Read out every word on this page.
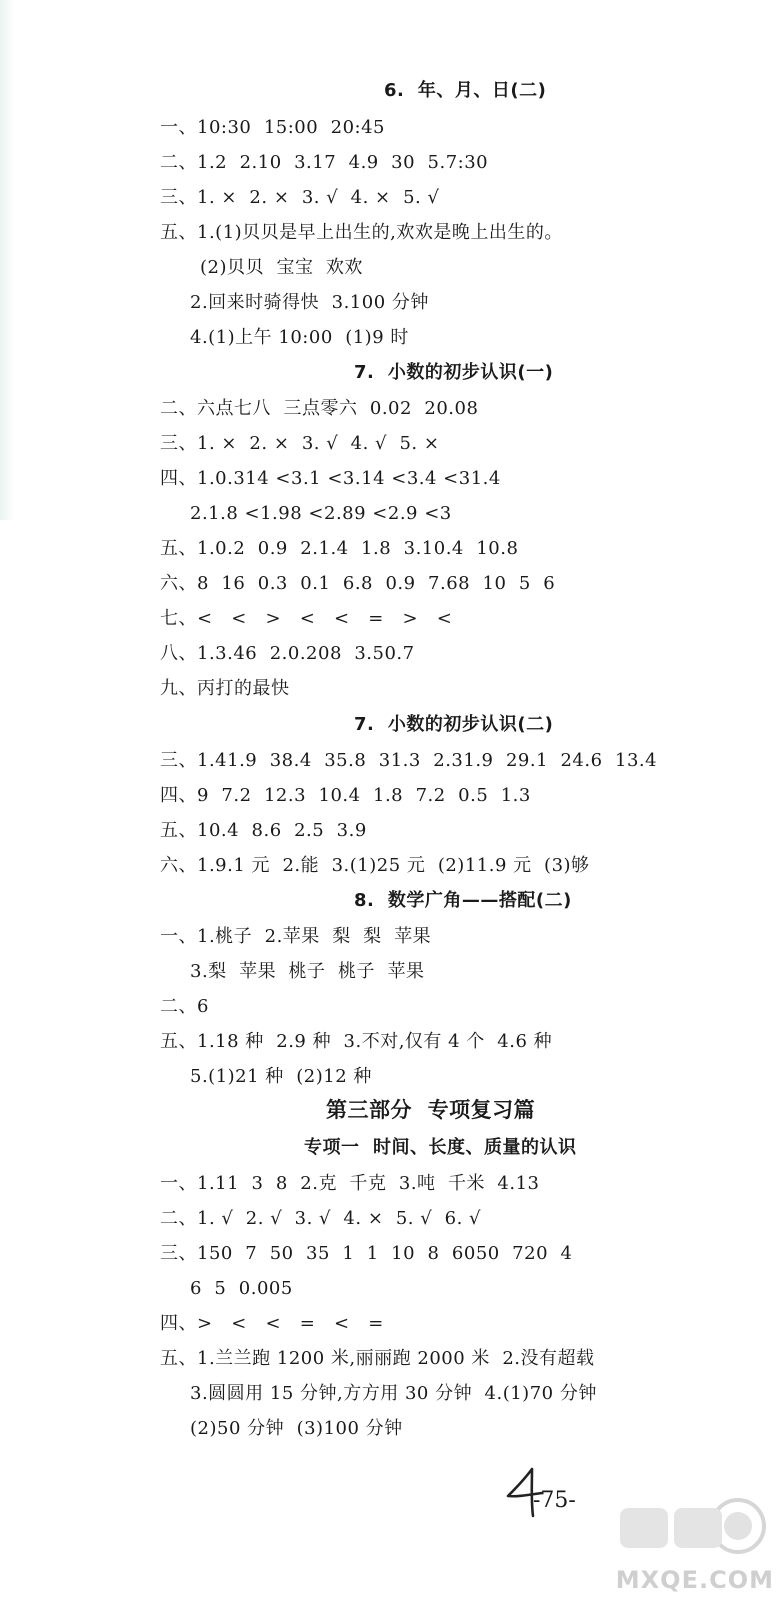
6.  年、月、日(二)
一、10:30  15:00  20:45
二、1.2  2.10  3.17  4.9  30  5.7:30
三、1. ×  2. ×  3. √  4. ×  5. √
五、1.(1)贝贝是早上出生的,欢欢是晚上出生的。
(2)贝贝  宝宝  欢欢
2.回来时骑得快  3.100 分钟
4.(1)上午 10:00  (1)9 时
7.  小数的初步认识(一)
二、六点七八  三点零六  0.02  20.08
三、1. ×  2. ×  3. √  4. √  5. ×
四、1.0.314 <3.1 <3.14 <3.4 <31.4
2.1.8 <1.98 <2.89 <2.9 <3
五、1.0.2  0.9  2.1.4  1.8  3.10.4  10.8
六、8  16  0.3  0.1  6.8  0.9  7.68  10  5  6
七、<   <   >   <   <   =   >   <
八、1.3.46  2.0.208  3.50.7
九、丙打的最快
7.  小数的初步认识(二)
三、1.41.9  38.4  35.8  31.3  2.31.9  29.1  24.6  13.4
四、9  7.2  12.3  10.4  1.8  7.2  0.5  1.3
五、10.4  8.6  2.5  3.9
六、1.9.1 元  2.能  3.(1)25 元  (2)11.9 元  (3)够
8.  数学广角——搭配(二)
一、1.桃子  2.苹果  梨  梨  苹果
3.梨  苹果  桃子  桃子  苹果
二、6
五、1.18 种  2.9 种  3.不对,仅有 4 个  4.6 种
5.(1)21 种  (2)12 种
第三部分  专项复习篇
专项一  时间、长度、质量的认识
一、1.11  3  8  2.克  千克  3.吨  千米  4.13
二、1. √  2. √  3. √  4. ×  5. √  6. √
三、150  7  50  35  1  1  10  8  6050  720  4
6  5  0.005
四、>   <   <   =   <   =
五、1.兰兰跑 1200 米,丽丽跑 2000 米  2.没有超载
3.圆圆用 15 分钟,方方用 30 分钟  4.(1)70 分钟
(2)50 分钟  (3)100 分钟
-75-
MXQE.COM
